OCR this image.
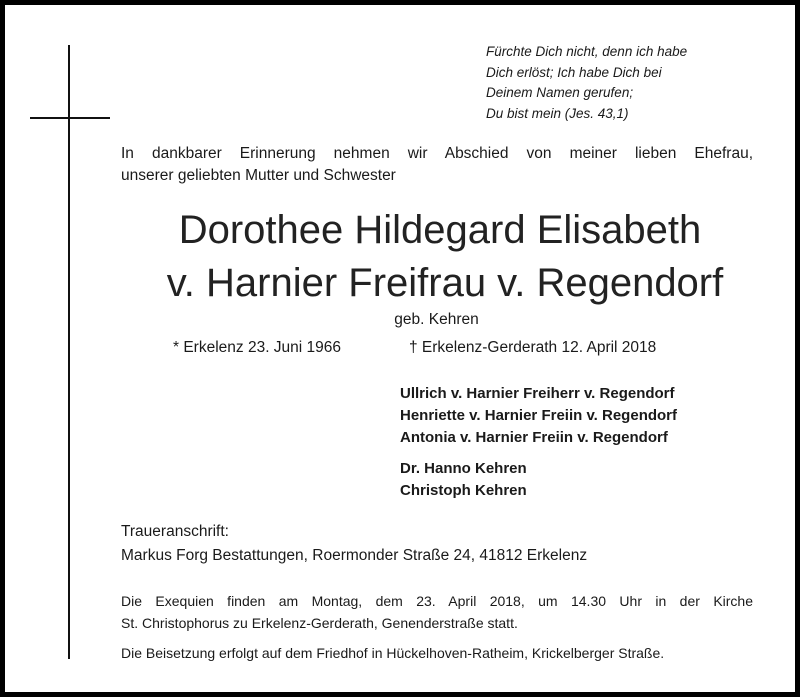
Fürchte Dich nicht, denn ich habe
Dich erlöst; Ich habe Dich bei
Deinem Namen gerufen;
Du bist mein (Jes. 43,1)
In dankbarer Erinnerung nehmen wir Abschied von meiner lieben Ehefrau,
unserer geliebten Mutter und Schwester
Dorothee Hildegard Elisabeth
v. Harnier Freifrau v. Regendorf
geb. Kehren
* Erkelenz 23. Juni 1966	† Erkelenz-Gerderath 12. April 2018
Ullrich v. Harnier Freiherr v. Regendorf
Henriette v. Harnier Freiin v. Regendorf
Antonia v. Harnier Freiin v. Regendorf
Dr. Hanno Kehren
Christoph Kehren
Traueranschrift:
Markus Forg Bestattungen, Roermonder Straße 24, 41812 Erkelenz
Die Exequien finden am Montag, dem 23. April 2018, um 14.30 Uhr in der Kirche
St. Christophorus zu Erkelenz-Gerderath, Genenderstraße statt.
Die Beisetzung erfolgt auf dem Friedhof in Hückelhoven-Ratheim, Krickelberger Straße.
